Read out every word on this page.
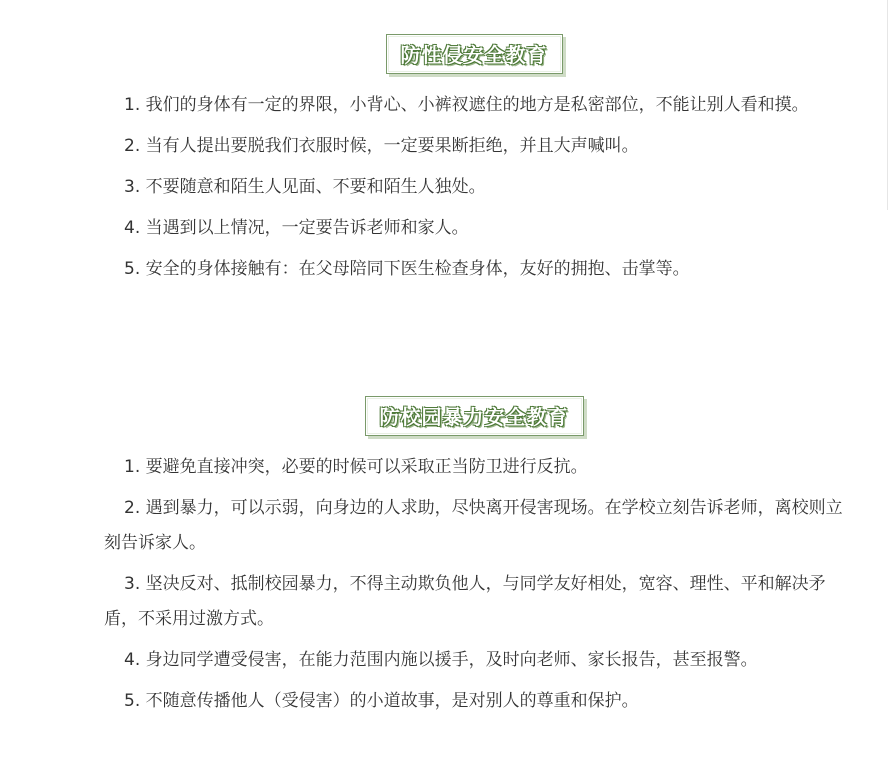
防性侵安全教育

1. 我们的身体有一定的界限，小背心、小裤衩遮住的地方是私密部位，不能让别人看和摸。

2. 当有人提出要脱我们衣服时候，一定要果断拒绝，并且大声喊叫。

3. 不要随意和陌生人见面、不要和陌生人独处。

4. 当遇到以上情况，一定要告诉老师和家人。

5. 安全的身体接触有：在父母陪同下医生检查身体，友好的拥抱、击掌等。

防校园暴力安全教育

1. 要避免直接冲突，必要的时候可以采取正当防卫进行反抗。

2. 遇到暴力，可以示弱，向身边的人求助，尽快离开侵害现场。在学校立刻告诉老师，离校则立刻告诉家人。

3. 坚决反对、抵制校园暴力，不得主动欺负他人，与同学友好相处，宽容、理性、平和解决矛盾，不采用过激方式。

4. 身边同学遭受侵害，在能力范围内施以援手，及时向老师、家长报告，甚至报警。

5. 不随意传播他人（受侵害）的小道故事，是对别人的尊重和保护。
